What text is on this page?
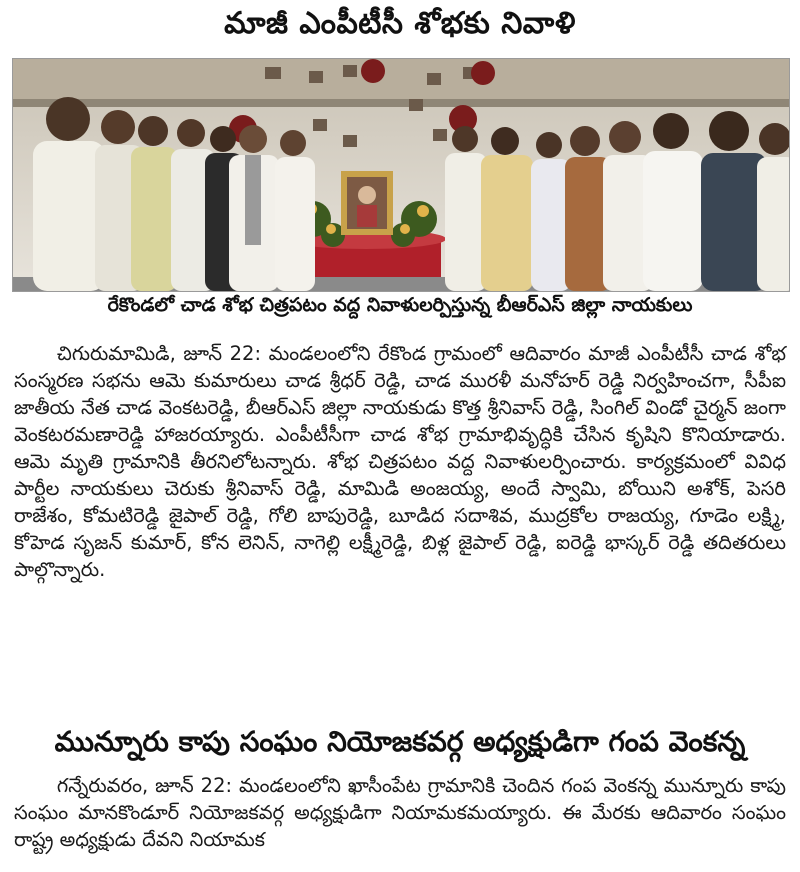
మాజీ ఎంపీటీసీ శోభకు నివాళి
రేకొండలో చాడ శోభ చిత్రపటం వద్ద నివాళులర్పిస్తున్న బీఆర్ఎస్ జిల్లా నాయకులు
చిగురుమామిడి, జూన్ 22: మండలంలోని రేకొండ గ్రామంలో ఆదివారం మాజీ ఎంపీటీసీ చాడ శోభ సంస్మరణ సభను ఆమె కుమారులు చాడ శ్రీధర్ రెడ్డి, చాడ మురళీ మనోహర్ రెడ్డి నిర్వహించగా, సీపీఐ జాతీయ నేత చాడ వెంకటరెడ్డి, బీఆర్ఎస్ జిల్లా నాయకుడు కొత్త శ్రీనివాస్ రెడ్డి, సింగిల్ విండో చైర్మన్ జంగా వెంకటరమణారెడ్డి హాజరయ్యారు. ఎంపీటీసీగా చాడ శోభ గ్రామాభివృద్ధికి చేసిన కృషిని కొనియాడారు. ఆమె మృతి గ్రామానికి తీరనిలోటన్నారు. శోభ చిత్రపటం వద్ద నివాళులర్పించారు. కార్యక్రమంలో వివిధ పార్టీల నాయకులు చెరుకు శ్రీనివాస్ రెడ్డి, మామిడి అంజయ్య, అందే స్వామి, బోయిని అశోక్, పెసరి రాజేశం, కోమటిరెడ్డి జైపాల్ రెడ్డి, గోలి బాపురెడ్డి, బూడిద సదాశివ, ముద్రకోల రాజయ్య, గూడెం లక్ష్మి, కోహెడ సృజన్ కుమార్, కోన లెనిన్, నాగెల్లి లక్ష్మీరెడ్డి, బిళ్ల జైపాల్ రెడ్డి, ఐరెడ్డి భాస్కర్ రెడ్డి తదితరులు పాల్గొన్నారు.
మున్నూరు కాపు సంఘం నియోజకవర్గ అధ్యక్షుడిగా గంప వెంకన్న
గన్నేరువరం, జూన్ 22: మండలంలోని ఖాసీంపేట గ్రామానికి చెందిన గంప వెంకన్న మున్నూరు కాపు సంఘం మానకొండూర్ నియోజకవర్గ అధ్యక్షుడిగా నియామకమయ్యారు. ఈ మేరకు ఆదివారం సంఘం రాష్ట్ర అధ్యక్షుడు దేవని నియామక
